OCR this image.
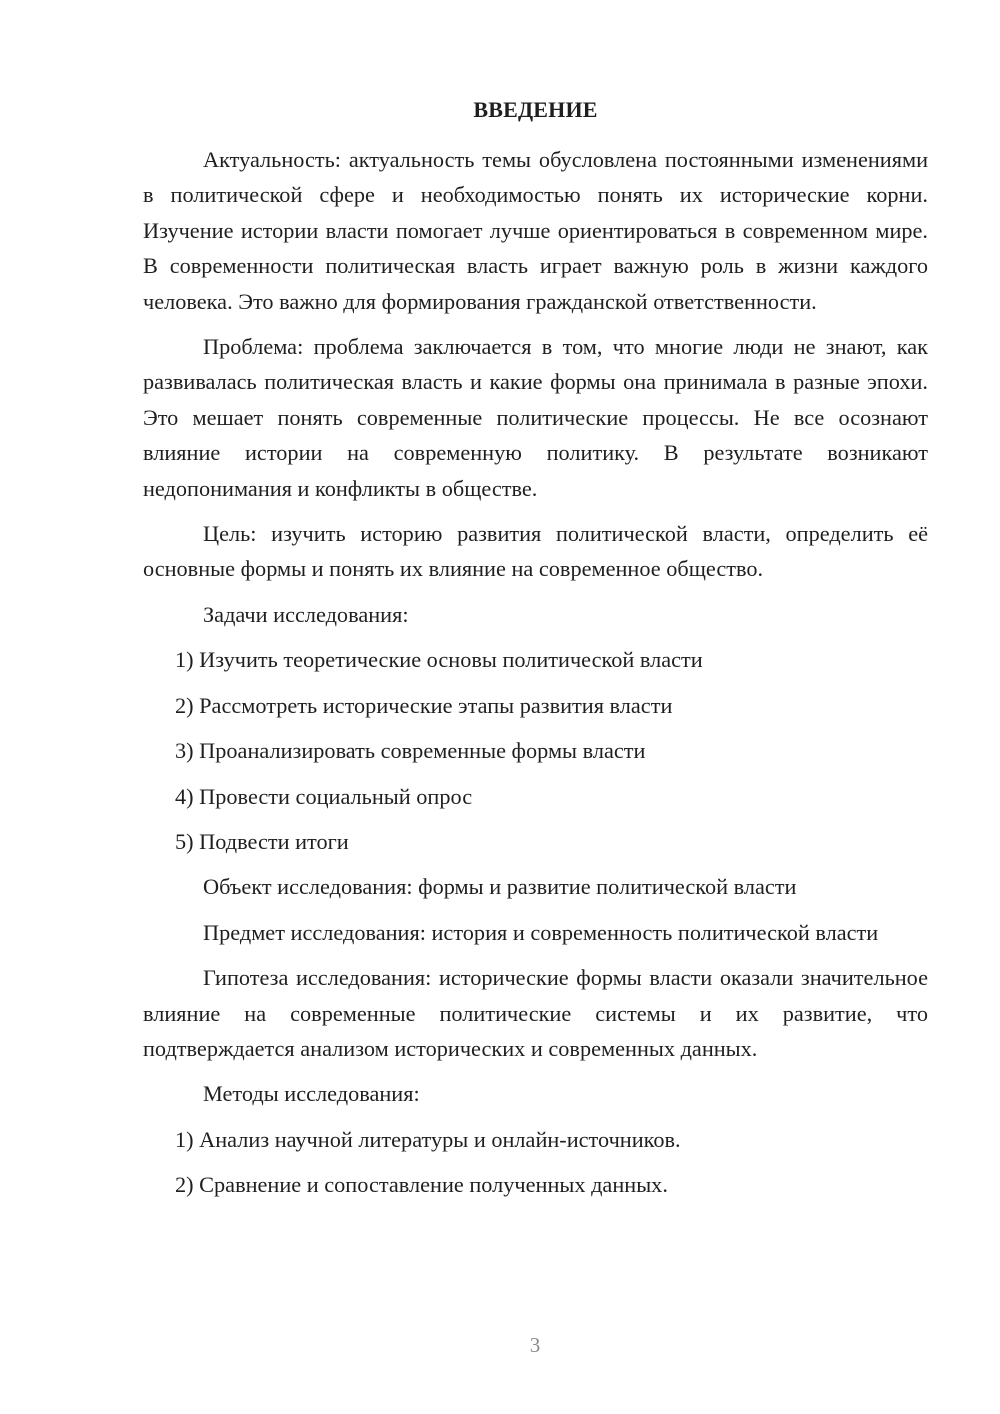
ВВЕДЕНИЕ

Актуальность: актуальность темы обусловлена постоянными изменениями в политической сфере и необходимостью понять их исторические корни. Изучение истории власти помогает лучше ориентироваться в современном мире. В современности политическая власть играет важную роль в жизни каждого человека. Это важно для формирования гражданской ответственности.

Проблема: проблема заключается в том, что многие люди не знают, как развивалась политическая власть и какие формы она принимала в разные эпохи. Это мешает понять современные политические процессы. Не все осознают влияние истории на современную политику. В результате возникают недопонимания и конфликты в обществе.

Цель: изучить историю развития политической власти, определить её основные формы и понять их влияние на современное общество.

Задачи исследования:

1) Изучить теоретические основы политической власти

2) Рассмотреть исторические этапы развития власти

3) Проанализировать современные формы власти

4) Провести социальный опрос

5) Подвести итоги

Объект исследования: формы и развитие политической власти

Предмет исследования: история и современность политической власти

Гипотеза исследования: исторические формы власти оказали значительное влияние на современные политические системы и их развитие, что подтверждается анализом исторических и современных данных.

Методы исследования:

1) Анализ научной литературы и онлайн-источников.

2) Сравнение и сопоставление полученных данных.

3
